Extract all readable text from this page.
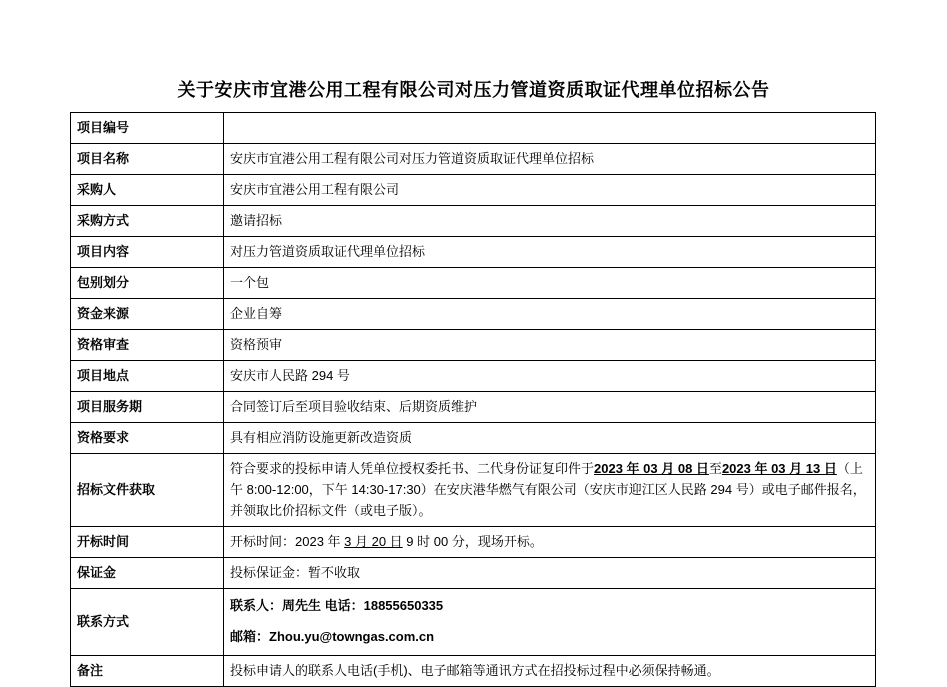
关于安庆市宜港公用工程有限公司对压力管道资质取证代理单位招标公告
项目编号	
项目名称	安庆市宜港公用工程有限公司对压力管道资质取证代理单位招标
采购人	安庆市宜港公用工程有限公司
采购方式	邀请招标
项目内容	对压力管道资质取证代理单位招标
包别划分	一个包
资金来源	企业自筹
资格审查	资格预审
项目地点	安庆市人民路 294 号
项目服务期	合同签订后至项目验收结束、后期资质维护
资格要求	具有相应消防设施更新改造资质
招标文件获取	符合要求的投标申请人凭单位授权委托书、二代身份证复印件于2023 年 03 月 08 日至2023 年 03 月 13 日（上午 8:00-12:00，下午 14:30-17:30）在安庆港华燃气有限公司（安庆市迎江区人民路 294 号）或电子邮件报名，并领取比价招标文件（或电子版）。
开标时间	开标时间：2023 年 3 月 20 日 9 时 00 分，现场开标。
保证金	投标保证金：暂不收取
联系方式	联系人：周先生 电话：18855650335
邮箱：Zhou.yu@towngas.com.cn

备注	投标申请人的联系人电话(手机)、电子邮箱等通讯方式在招投标过程中必须保持畅通。
